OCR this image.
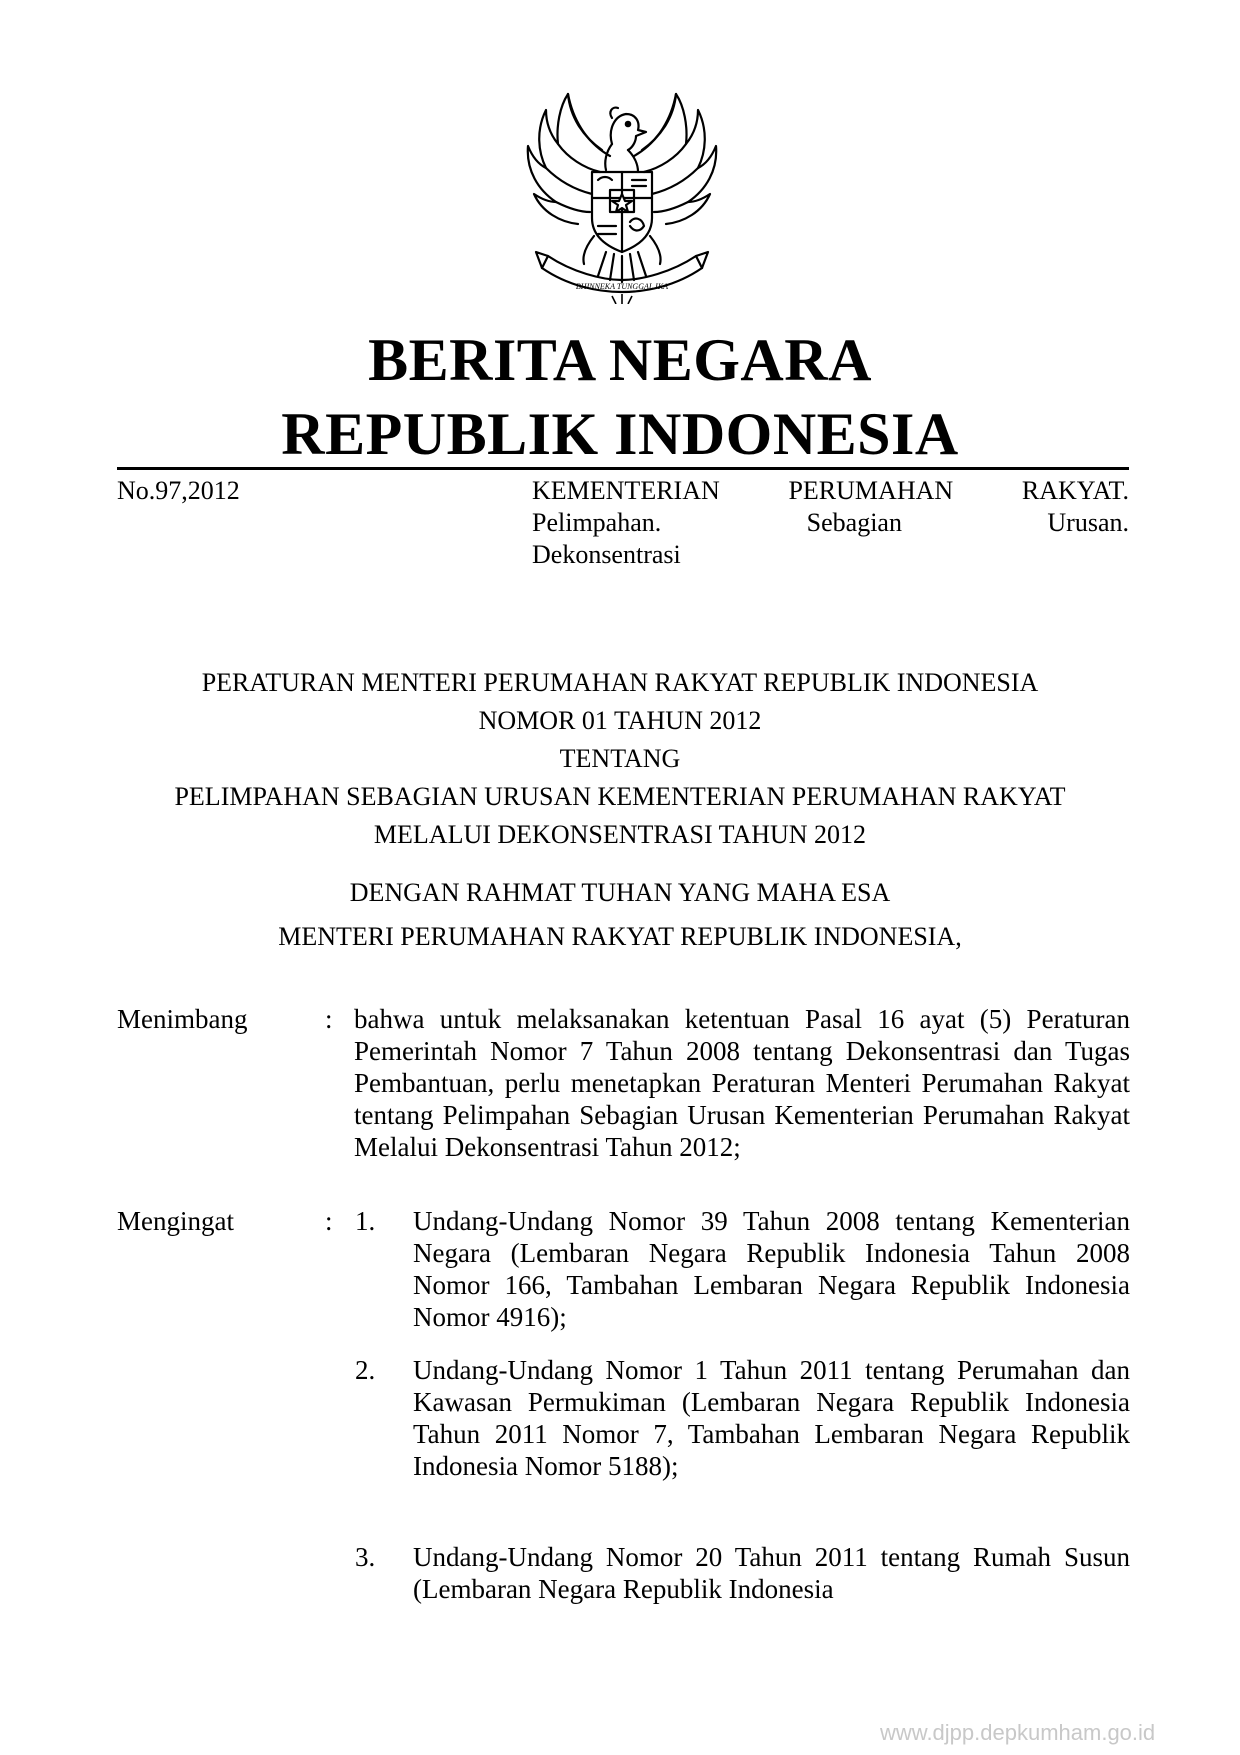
BHINNEKA TUNGGAL IKA
BERITA NEGARA
REPUBLIK INDONESIA
No.97,2012	KEMENTERIAN	PERUMAHAN	RAKYAT.
Pelimpahan.	Sebagian	Urusan.
Dekonsentrasi
PERATURAN MENTERI PERUMAHAN RAKYAT REPUBLIK INDONESIA
NOMOR 01 TAHUN 2012
TENTANG
PELIMPAHAN SEBAGIAN URUSAN KEMENTERIAN PERUMAHAN RAKYAT
MELALUI DEKONSENTRASI TAHUN 2012
DENGAN RAHMAT TUHAN YANG MAHA ESA
MENTERI PERUMAHAN RAKYAT REPUBLIK INDONESIA,
Menimbang	: bahwa untuk melaksanakan ketentuan Pasal 16 ayat (5) Peraturan Pemerintah Nomor 7 Tahun 2008 tentang Dekonsentrasi dan Tugas Pembantuan, perlu menetapkan Peraturan Menteri Perumahan Rakyat tentang Pelimpahan Sebagian Urusan Kementerian Perumahan Rakyat Melalui Dekonsentrasi Tahun 2012;
Mengingat	: 1. Undang-Undang Nomor 39 Tahun 2008 tentang Kementerian Negara (Lembaran Negara Republik Indonesia Tahun 2008 Nomor 166, Tambahan Lembaran Negara Republik Indonesia Nomor 4916);
2. Undang-Undang Nomor 1 Tahun 2011 tentang Perumahan dan Kawasan Permukiman (Lembaran Negara Republik Indonesia Tahun 2011 Nomor 7, Tambahan Lembaran Negara Republik Indonesia Nomor 5188);
3. Undang-Undang Nomor 20 Tahun 2011 tentang Rumah Susun (Lembaran Negara Republik Indonesia
www.djpp.depkumham.go.id
